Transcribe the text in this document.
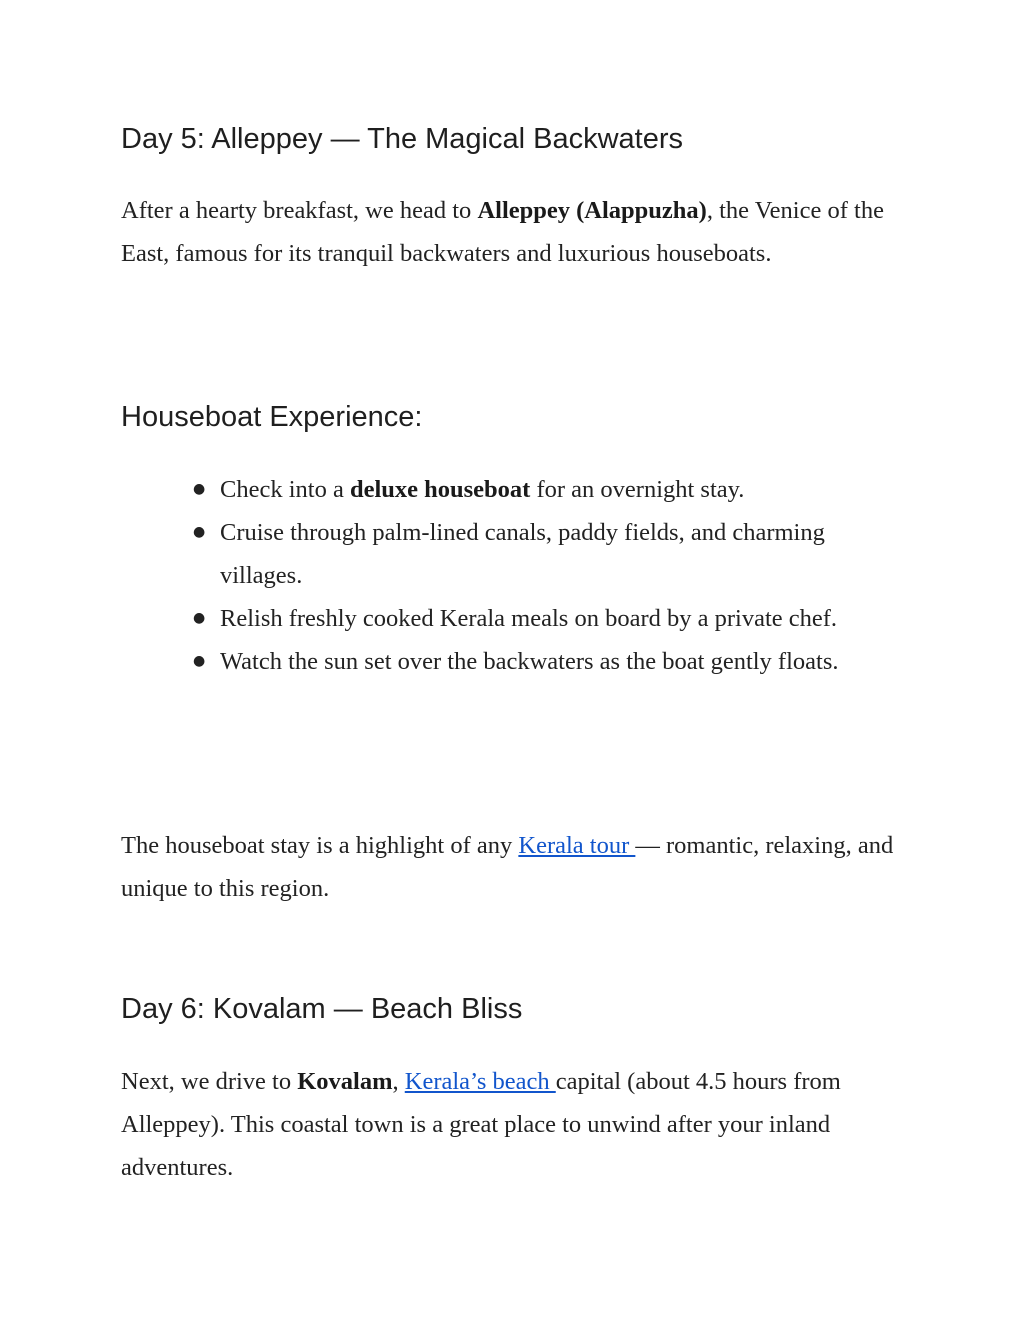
Day 5: Alleppey — The Magical Backwaters

After a hearty breakfast, we head to Alleppey (Alappuzha), the Venice of the East, famous for its tranquil backwaters and luxurious houseboats.

Houseboat Experience:
● Check into a deluxe houseboat for an overnight stay.
● Cruise through palm-lined canals, paddy fields, and charming villages.
● Relish freshly cooked Kerala meals on board by a private chef.
● Watch the sun set over the backwaters as the boat gently floats.

The houseboat stay is a highlight of any Kerala tour — romantic, relaxing, and unique to this region.

Day 6: Kovalam — Beach Bliss

Next, we drive to Kovalam, Kerala’s beach capital (about 4.5 hours from Alleppey). This coastal town is a great place to unwind after your inland adventures.
